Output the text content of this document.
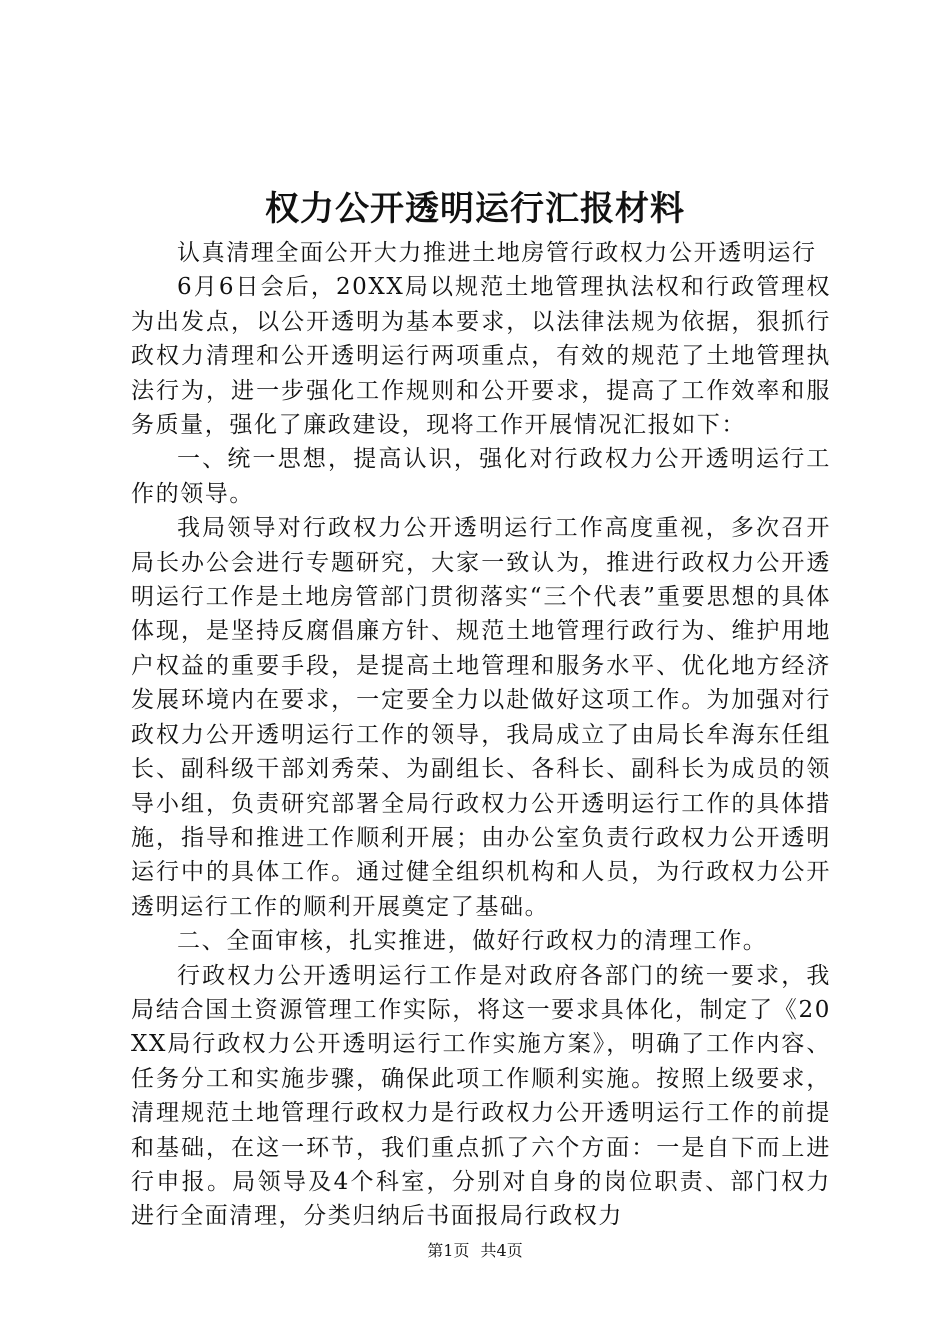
权力公开透明运行汇报材料

认真清理全面公开大力推进土地房管行政权力公开透明运行

6月6日会后，20XX局以规范土地管理执法权和行政管理权为出发点，以公开透明为基本要求，以法律法规为依据，狠抓行政权力清理和公开透明运行两项重点，有效的规范了土地管理执法行为，进一步强化工作规则和公开要求，提高了工作效率和服务质量，强化了廉政建设，现将工作开展情况汇报如下：

一、统一思想，提高认识，强化对行政权力公开透明运行工作的领导。

我局领导对行政权力公开透明运行工作高度重视，多次召开局长办公会进行专题研究，大家一致认为，推进行政权力公开透明运行工作是土地房管部门贯彻落实“三个代表”重要思想的具体体现，是坚持反腐倡廉方针、规范土地管理行政行为、维护用地户权益的重要手段，是提高土地管理和服务水平、优化地方经济发展环境内在要求，一定要全力以赴做好这项工作。为加强对行政权力公开透明运行工作的领导，我局成立了由局长牟海东任组长、副科级干部刘秀荣、为副组长、各科长、副科长为成员的领导小组，负责研究部署全局行政权力公开透明运行工作的具体措施，指导和推进工作顺利开展；由办公室负责行政权力公开透明运行中的具体工作。通过健全组织机构和人员，为行政权力公开透明运行工作的顺利开展奠定了基础。

二、全面审核，扎实推进，做好行政权力的清理工作。

行政权力公开透明运行工作是对政府各部门的统一要求，我局结合国土资源管理工作实际，将这一要求具体化，制定了《20XX局行政权力公开透明运行工作实施方案》，明确了工作内容、任务分工和实施步骤，确保此项工作顺利实施。按照上级要求，清理规范土地管理行政权力是行政权力公开透明运行工作的前提和基础，在这一环节，我们重点抓了六个方面：一是自下而上进行申报。局领导及4个科室，分别对自身的岗位职责、部门权力进行全面清理，分类归纳后书面报局行政权力

第1页 共4页
